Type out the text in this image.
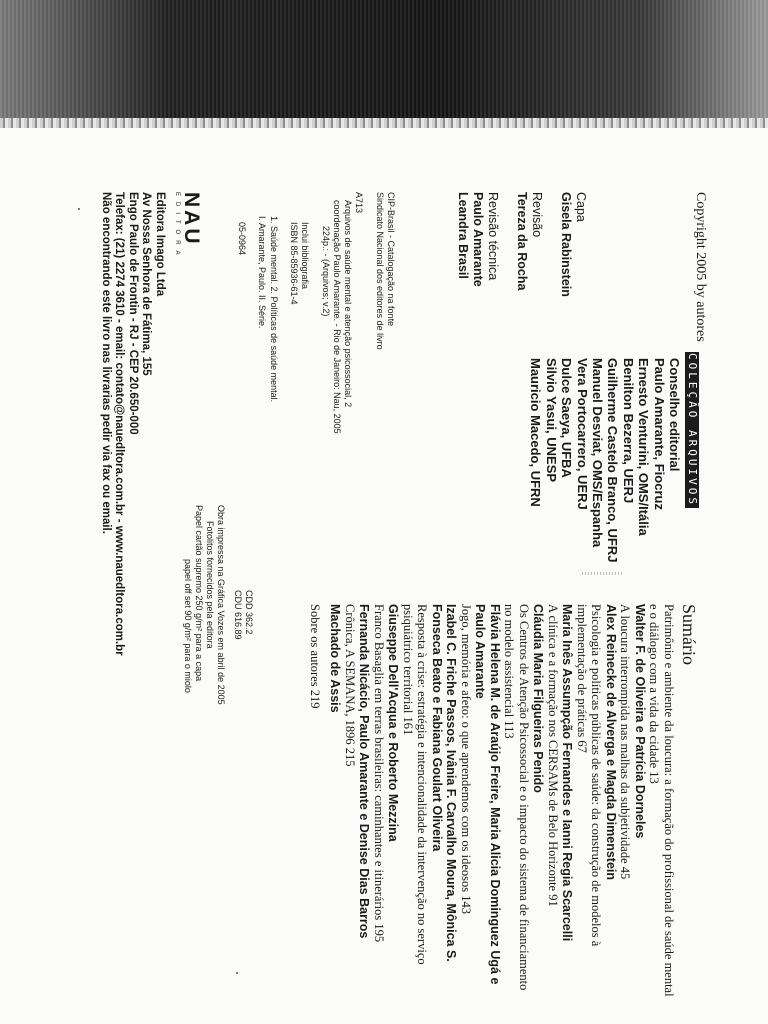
Copyright 2005 by autores
Capa
Gisela Rabinstein
Revisão
Tereza da Rocha
Revisão técnica
Paulo Amarante
Leandra Brasil
CIP-Brasil - Catalogação na fonte
Sindicato Nacional dos editores de livro
A713
Arquivos de saúde mental e atenção psicossocial, 2
coordenação Paulo Amarante. - Rio de Janeiro: Nau, 2005
224p.: - (Arquivos; v.2)
Inclui bibliografia
ISBN 85-85936-61-4
1. Saúde mental. 2. Políticas de saúde mental.
I. Amarante, Paulo. II. Série.
05-0964
CDD 362.2
CDU 616.89
Obra impressa na Gráfica Vozes em abril de 2005
Fotolitos fornecidos pela editora
Papel cartão supremo 250 g/m² para a capa
papel off set 90 g/m² para o miolo
NAU
EDITORA
Editora Imago Ltda
Av Nossa Senhora de Fátima, 155
Engo Paulo de Frontin - RJ - CEP 20.650-000
Telefax: (21) 2274 3610 - email: contato@nauedltora.com.br - www.nauedltora.com.br
Não encontrando este livro nas livrarias pedir via fax ou email.	COLEÇÃO ARQUIVOS
Conselho editorial
Paulo Amarante, Fiocruz
Ernesto Venturini, OMS/Itália
Benilton Bezerra, UERJ
Guilherme Castelo Branco, UFRJ
Manuel Desviat, OMS/Espanha
Vera Portocarrero, UERJ
Dulce Saeya, UFBA
Silvio Yasui, UNESP
Mauricio Macedo, UFRN
Sumário
Patrimônio e ambiente da loucura: a formação do profissional de saúde mental e o diálogo com a vida da cidade 13
Walter F. de Oliveira e Patrícia Dorneles
A loucura interrompida nas malhas da subjetividade 45
Alex Reinecke de Alverga e Magda Dimenstein
Psicologia e políticas públicas de saúde: da construção de modelos à implementação de práticas 67
Maria Inês Assumpção Fernandes e Ianni Regia Scarcelli
A clínica e a formação nos CERSAMs de Belo Horizonte 91
Cláudia Maria Filgueiras Penido
Os Centros de Atenção Psicossocial e o impacto do sistema de financiamento no modelo assistencial 113
Flávia Helena M. de Araújo Freire, Maria Alicia Dominguez Ugá e Paulo Amarante
Jogo, memória e afeto: o que aprendemos com os ideosos 143
Izabel C. Friche Passos, Ivânia F. Carvalho Moura, Mônica S. Fonseca Beato e Fabiana Goulart Oliveira
Resposta à crise: estratégia e intencionalidade da intervenção no serviço psiquiátrico territorial 161
Giuseppe Dell'Acqua e Roberto Mezzina
Franco Basaglia em terras brasileiras: caminhantes e itinerários 195
Fernanda Nicácio, Paulo Amarante e Denise Dias Barros
Crônica, A SEMANA, 1896 215
Machado de Assis
Sobre os autores 219
